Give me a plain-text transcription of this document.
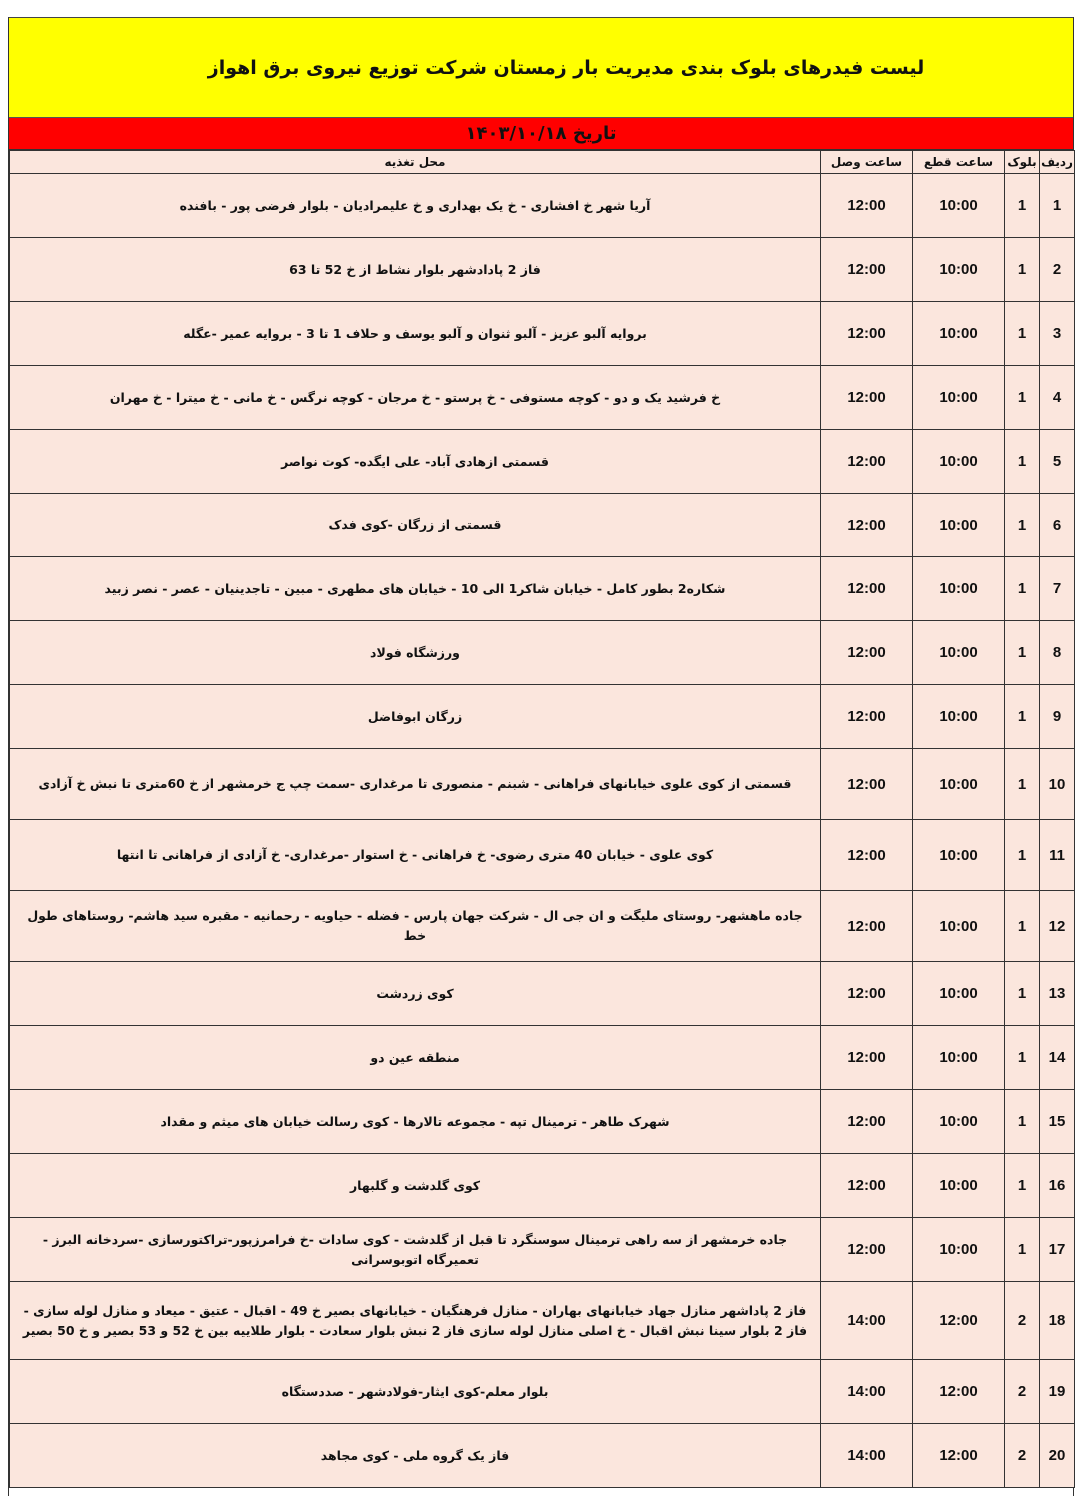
لیست فیدرهای بلوک بندی مدیریت بار زمستان شرکت توزیع نیروی برق اهواز
تاریخ ۱۴۰۳/۱۰/۱۸
ردیف	بلوک	ساعت قطع	ساعت وصل	محل تغذیه
1	1	10:00	12:00	آریا شهر خ افشاری - خ یک بهداری و خ علیمرادیان - بلوار فرضی پور - بافنده
2	1	10:00	12:00	فاز 2 پادادشهر بلوار نشاط از خ 52 تا 63
3	1	10:00	12:00	بروایه آلبو عزیز - آلبو ثنوان و آلبو یوسف و حلاف 1 تا 3 - بروایه عمیر -عگله
4	1	10:00	12:00	خ فرشید یک و دو - کوچه مستوفی - خ پرستو - خ مرجان - کوچه نرگس - خ مانی - خ میترا - خ مهران
5	1	10:00	12:00	قسمتی ازهادی آباد- علی ایگده- کوت نواصر
6	1	10:00	12:00	قسمتی از زرگان -کوی فدک
7	1	10:00	12:00	شکاره2 بطور کامل - خیابان شاکر1 الی 10 - خیابان های مطهری - مبین - تاجدینیان - عصر - نصر زبید
8	1	10:00	12:00	ورزشگاه فولاد
9	1	10:00	12:00	زرگان ابوفاضل
10	1	10:00	12:00	قسمتی از کوی علوی خیابانهای فراهانی - شبنم - منصوری تا مرغداری -سمت چپ ج خرمشهر از خ 60متری تا نبش خ آزادی
11	1	10:00	12:00	کوی علوی - خیابان 40 متری رضوی- خ فراهانی - خ استوار -مرغداری- خ آزادی از فراهانی تا انتها
12	1	10:00	12:00	جاده ماهشهر- روستای ملیگت و ان جی ال - شرکت جهان پارس - فضله - حیاویه - رحمانیه - مقبره سید هاشم- روستاهای طول خط
13	1	10:00	12:00	کوی زردشت
14	1	10:00	12:00	منطقه عین دو
15	1	10:00	12:00	شهرک طاهر - ترمینال تپه - مجموعه تالارها - کوی رسالت خیابان های میثم و مقداد
16	1	10:00	12:00	کوی گلدشت و گلبهار
17	1	10:00	12:00	جاده خرمشهر از سه راهی ترمینال سوسنگرد تا قبل از گلدشت - کوی سادات -خ فرامرزپور-تراکتورسازی -سردخانه البرز - تعمیرگاه اتوبوسرانی
18	2	12:00	14:00	فاز 2 پاداشهر منازل جهاد خیابانهای بهاران - منازل فرهنگیان - خیابانهای بصیر خ 49 - اقبال - عتیق - میعاد و منازل لوله سازی - فاز 2 بلوار سینا نبش اقبال - خ اصلی منازل لوله سازی فاز 2 نبش بلوار سعادت - بلوار طلاییه بین خ 52 و 53 بصیر و خ 50 بصیر
19	2	12:00	14:00	بلوار معلم-کوی ایثار-فولادشهر - صددستگاه
20	2	12:00	14:00	فاز یک گروه ملی - کوی مجاهد
